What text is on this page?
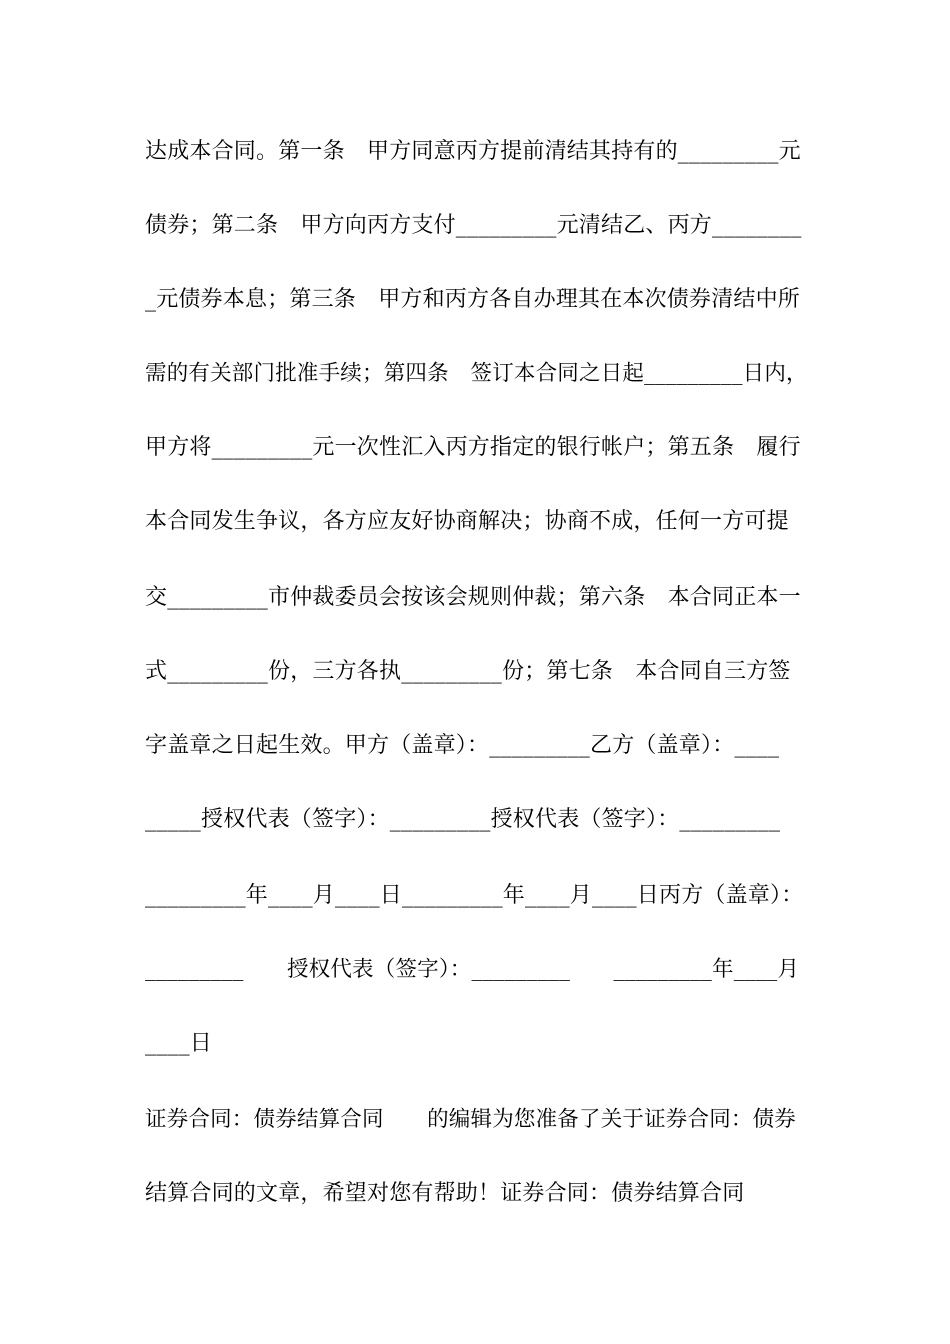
达成本合同。第一条　甲方同意丙方提前清结其持有的_________元
债券；第二条　甲方向丙方支付_________元清结乙、丙方________
_元债券本息；第三条　甲方和丙方各自办理其在本次债券清结中所
需的有关部门批准手续；第四条　签订本合同之日起_________日内，
甲方将_________元一次性汇入丙方指定的银行帐户；第五条　履行
本合同发生争议，各方应友好协商解决；协商不成，任何一方可提
交_________市仲裁委员会按该会规则仲裁；第六条　本合同正本一
式_________份，三方各执_________份；第七条　本合同自三方签
字盖章之日起生效。甲方（盖章）：_________乙方（盖章）：____
_____授权代表（签字）：_________授权代表（签字）：_________
_________年____月____日_________年____月____日丙方（盖章）：
_________　　授权代表（签字）：_________　　_________年____月
____日
证券合同：债券结算合同　　的编辑为您准备了关于证券合同：债券
结算合同的文章，希望对您有帮助！证券合同：债券结算合同
